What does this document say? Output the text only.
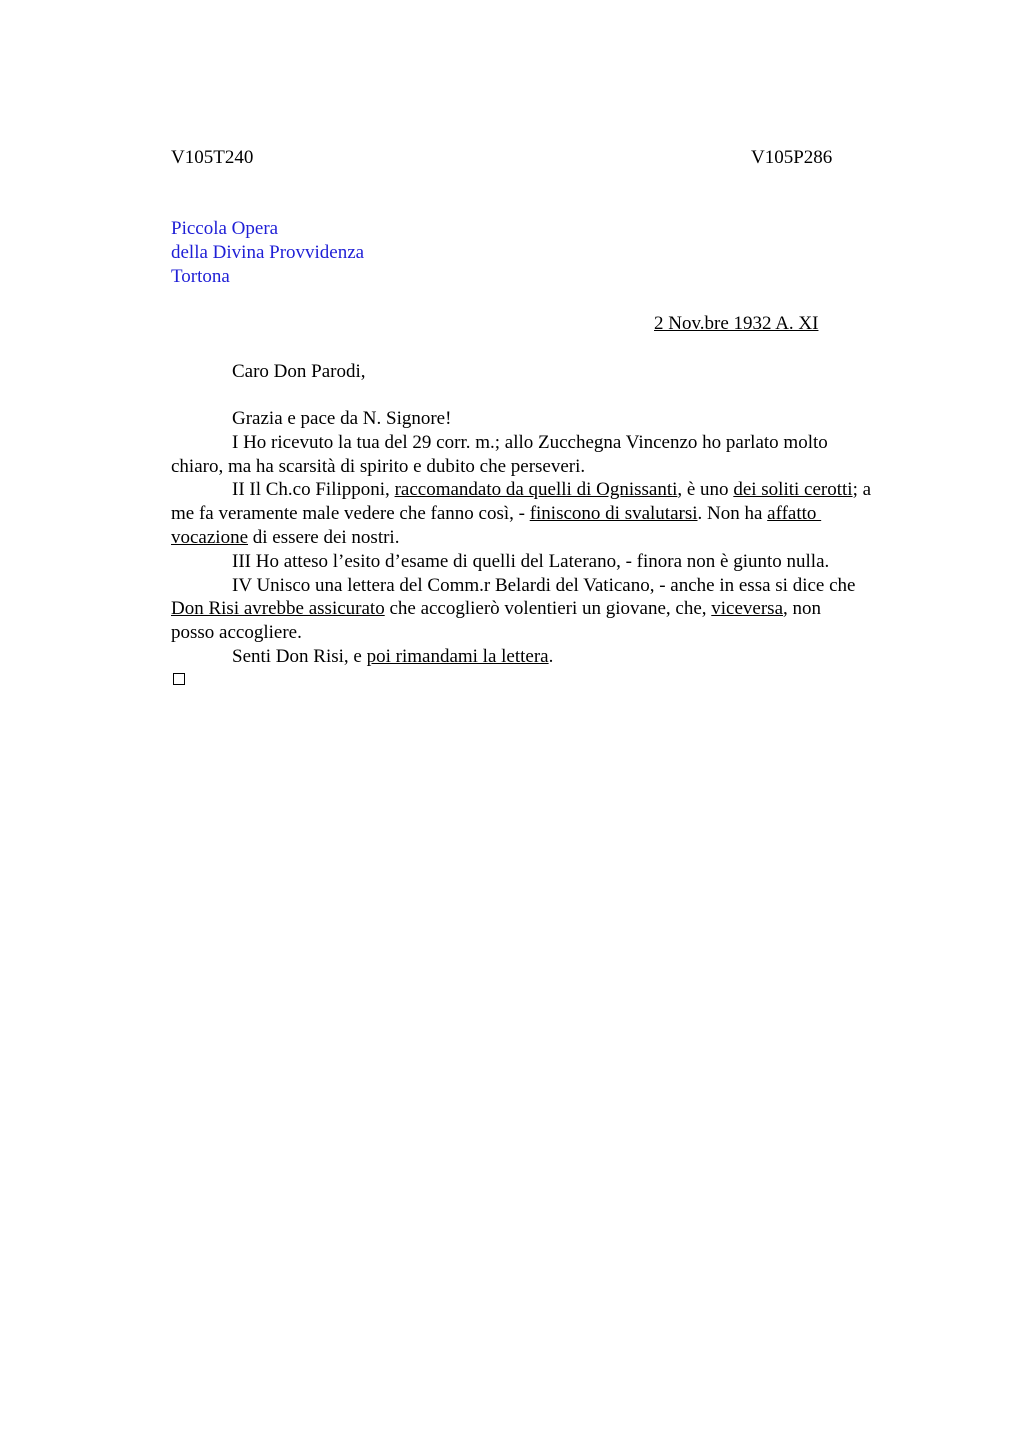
V105T240	V105P286
Piccola Opera
della Divina Provvidenza
Tortona
2 Nov.bre 1932 A. XI
Caro Don Parodi,

Grazia e pace da N. Signore!

I Ho ricevuto la tua del 29 corr. m.; allo Zucchegna Vincenzo ho parlato molto

chiaro, ma ha scarsità di spirito e dubito che perseveri.

II Il Ch.co Filipponi, raccomandato da quelli di Ognissanti, è uno dei soliti cerotti; a

me fa veramente male vedere che fanno così, - finiscono di svalutarsi. Non ha affatto
vocazione di essere dei nostri.

III Ho atteso l’esito d’esame di quelli del Laterano, - finora non è giunto nulla.

IV Unisco una lettera del Comm.r Belardi del Vaticano, - anche in essa si dice che

Don Risi avrebbe assicurato che accoglierò volentieri un giovane, che, viceversa, non
posso accogliere.

Senti Don Risi, e poi rimandami la lettera.
